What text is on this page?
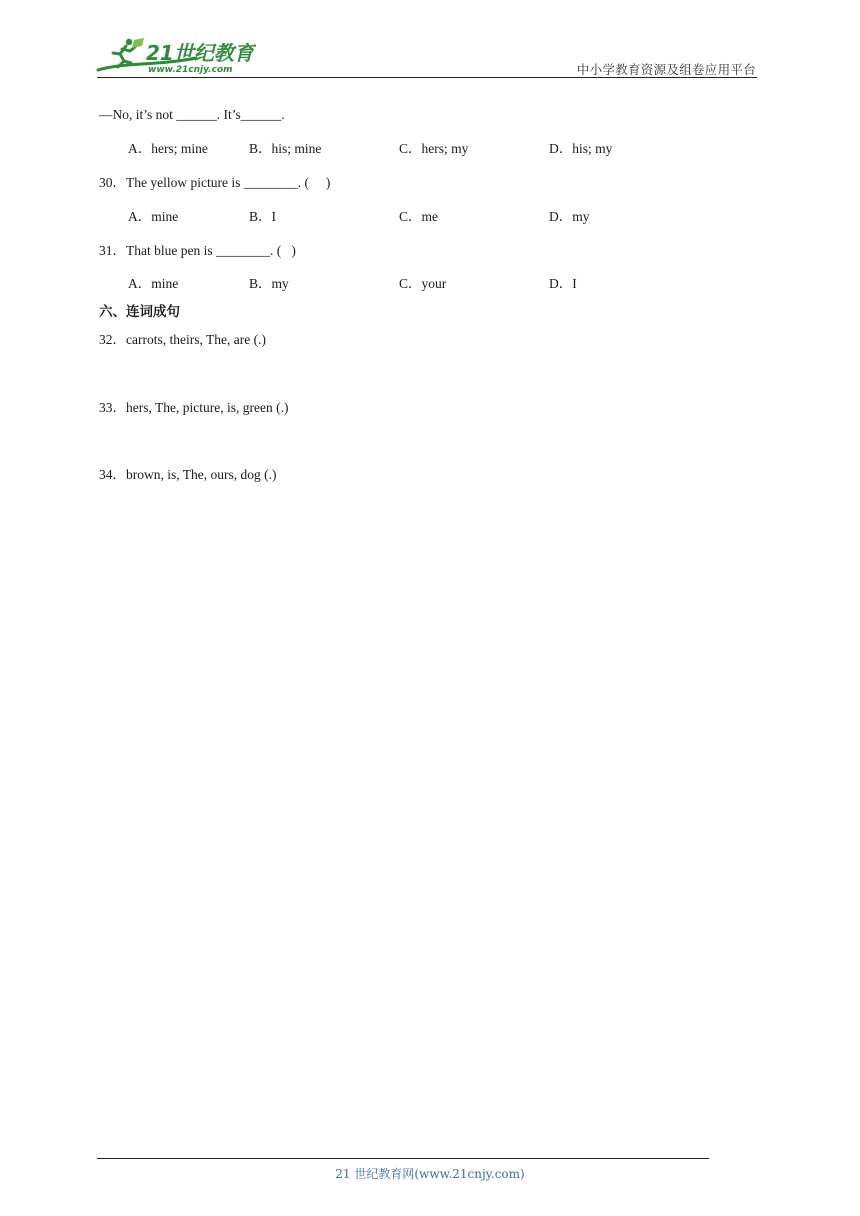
21世纪教育
www.21cnjy.com	中小学教育资源及组卷应用平台
—No, it’s not ______. It’s______.
A．hers; mine	B．his; mine	C．hers; my	D．his; my
30．The yellow picture is ________. (     )
A．mine	B．I	C．me	D．my
31．That blue pen is ________. (   )
A．mine	B．my	C．your	D．I
六、连词成句
32．carrots, theirs, The, are (.)
33．hers, The, picture, is, green (.)
34．brown, is, The, ours, dog (.)
21 世纪教育网(www.21cnjy.com)
